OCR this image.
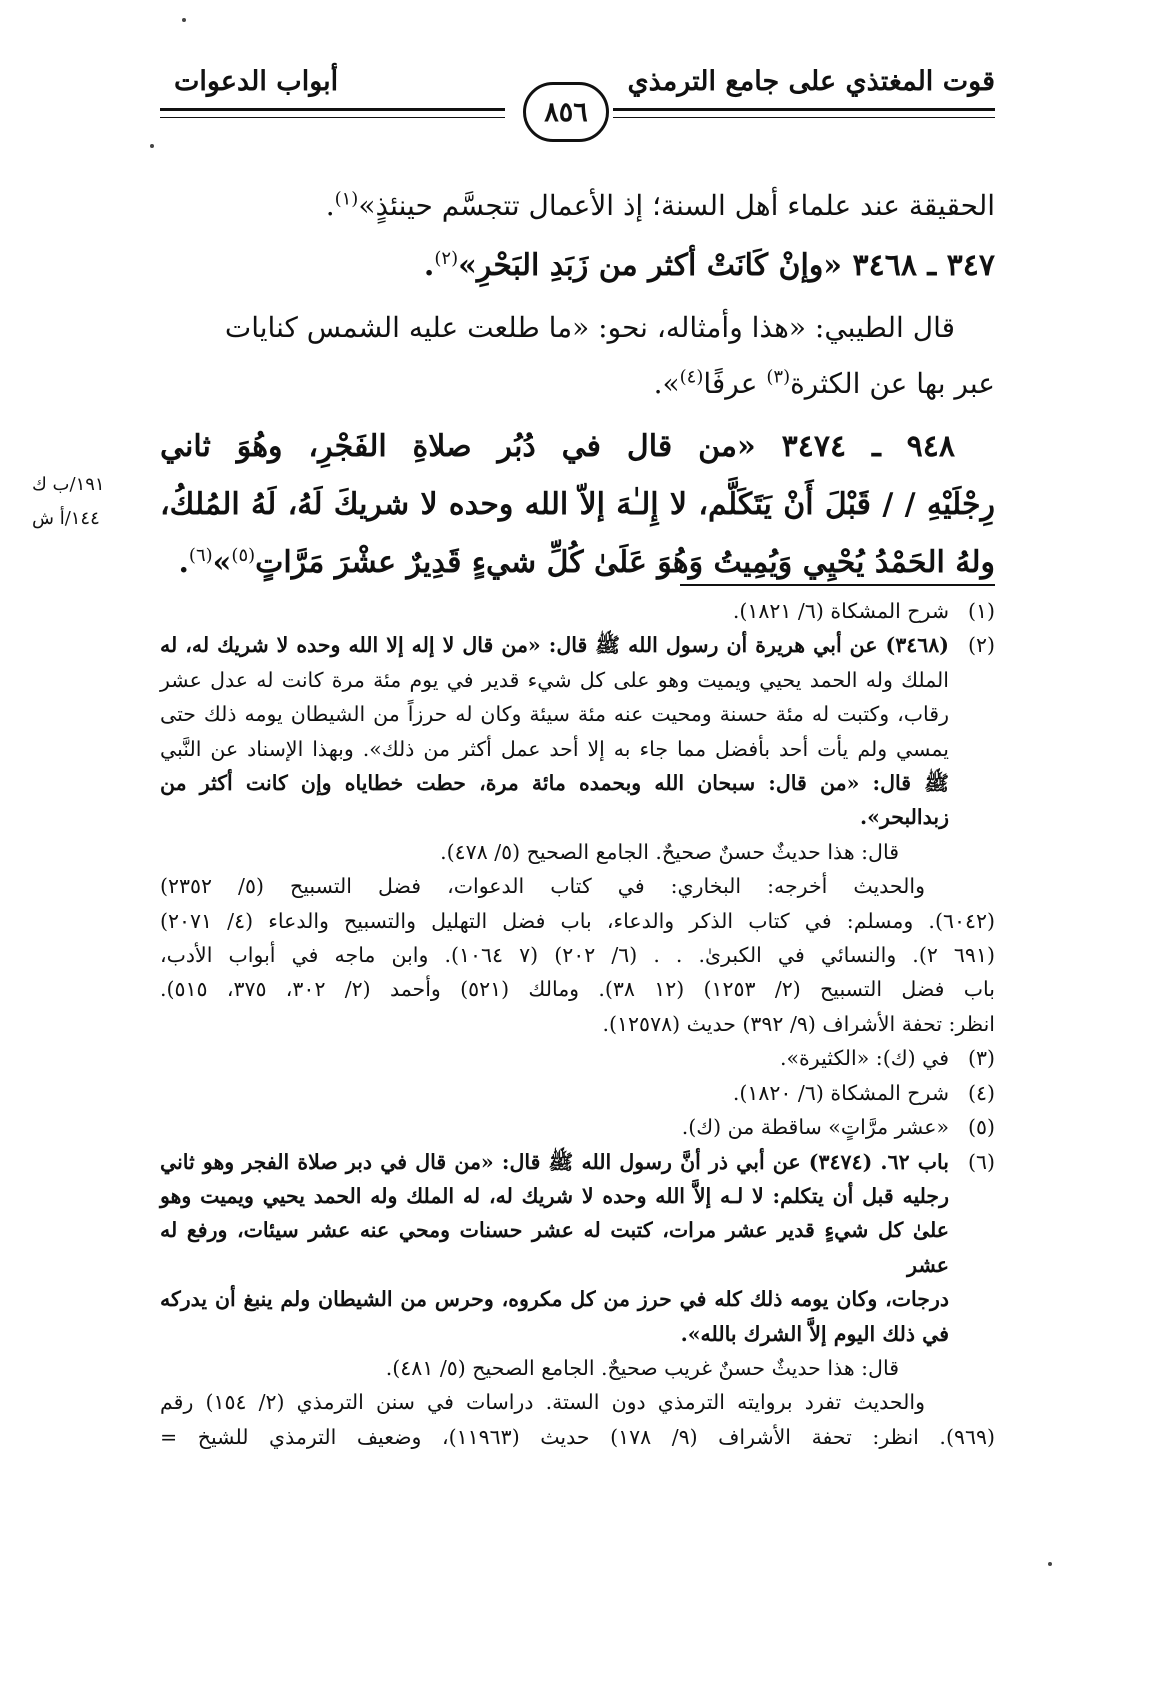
قوت المغتذي على جامع الترمذي
أبواب الدعوات
٨٥٦

الحقيقة عند علماء أهل السنة؛ إذ الأعمال تتجسَّم حينئذٍ»$^{(١)}$.

٣٤٧ ـ ٣٤٦٨ «وإنْ كَانَتْ أكثر من زَبَدِ البَحْرِ»$^{(٢)}$.

قال الطيبي: «هذا وأمثاله، نحو: «ما طلعت عليه الشمس كنايات
عبر بها عن الكثرة$^{(٣)}$ عرفًا$^{(٤)}$».

٩٤٨ ـ ٣٤٧٤ «من قال في دُبُر صلاةِ الفَجْرِ، وهُوَ ثاني
رِجْلَيْهِ / / قَبْلَ أَنْ يَتَكَلَّم، لا إِلـٰهَ إلاّ الله وحده لا شريكَ لَهُ، لَهُ المُلكُ،
ولهُ الحَمْدُ يُحْيِي وَيُمِيتُ وَهُوَ عَلَىٰ كُلِّ شيءٍ قَدِيرٌ عشْرَ مَرَّاتٍ$^{(٥)}$»$^{(٦)}$.

١٩١/ب ك
١٤٤/أ ش
(١)
شرح المشكاة (٦/ ١٨٢١).
(٢)
(٣٤٦٨) عن أبي هريرة أن رسول الله ﷺ قال: «من قال لا إله إلا الله وحده لا شريك له، له
الملك وله الحمد يحيي ويميت وهو على كل شيء قدير في يوم مئة مرة كانت له عدل عشر
رقاب، وكتبت له مئة حسنة ومحيت عنه مئة سيئة وكان له حرزاً من الشيطان يومه ذلك حتى
يمسي ولم يأت أحد بأفضل مما جاء به إلا أحد عمل أكثر من ذلك». وبهذا الإسناد عن النَّبي
ﷺ قال: «من قال: سبحان الله وبحمده مائة مرة، حطت خطاياه وإن كانت أكثر من
زبدالبحر».
قال: هذا حديثٌ حسنٌ صحيحٌ. الجامع الصحيح (٥/ ٤٧٨).
والحديث أخرجه: البخاري: في كتاب الدعوات، فضل التسبيح (٥/ ٢٣٥٢)
(٦٠٤٢). ومسلم: في كتاب الذكر والدعاء، باب فضل التهليل والتسبيح والدعاء (٤/ ٢٠٧١)
(٦٩١ ٢). والنسائي في الكبرىٰ. . . (٦/ ٢٠٢) (٧ ١٠٦٤). وابن ماجه في أبواب الأدب،
باب فضل التسبيح (٢/ ١٢٥٣) (١٢ ٣٨). ومالك (٥٢١) وأحمد (٢/ ٣٠٢، ٣٧٥، ٥١٥).
انظر: تحفة الأشراف (٩/ ٣٩٢) حديث (١٢٥٧٨).
(٣)
في (ك): «الكثيرة».
(٤)
شرح المشكاة (٦/ ١٨٢٠).
(٥)
«عشر مرَّاتٍ» ساقطة من (ك).
(٦)
باب ٦٢. (٣٤٧٤) عن أبي ذر أنَّ رسول الله ﷺ قال: «من قال في دبر صلاة الفجر وهو ثاني
رجليه قبل أن يتكلم: لا لـه إلاَّ الله وحده لا شريك له، له الملك وله الحمد يحيي ويميت وهو
علىٰ كل شيءٍ قدير عشر مرات، كتبت له عشر حسنات ومحي عنه عشر سيئات، ورفع له عشر
درجات، وكان يومه ذلك كله في حرز من كل مكروه، وحرس من الشيطان ولم ينبغ أن يدركه
في ذلك اليوم إلاَّ الشرك بالله».
قال: هذا حديثٌ حسنٌ غريب صحيحٌ. الجامع الصحيح (٥/ ٤٨١).
والحديث تفرد بروايته الترمذي دون الستة. دراسات في سنن الترمذي (٢/ ١٥٤) رقم
(٩٦٩). انظر: تحفة الأشراف (٩/ ١٧٨) حديث (١١٩٦٣)، وضعيف الترمذي للشيخ =
